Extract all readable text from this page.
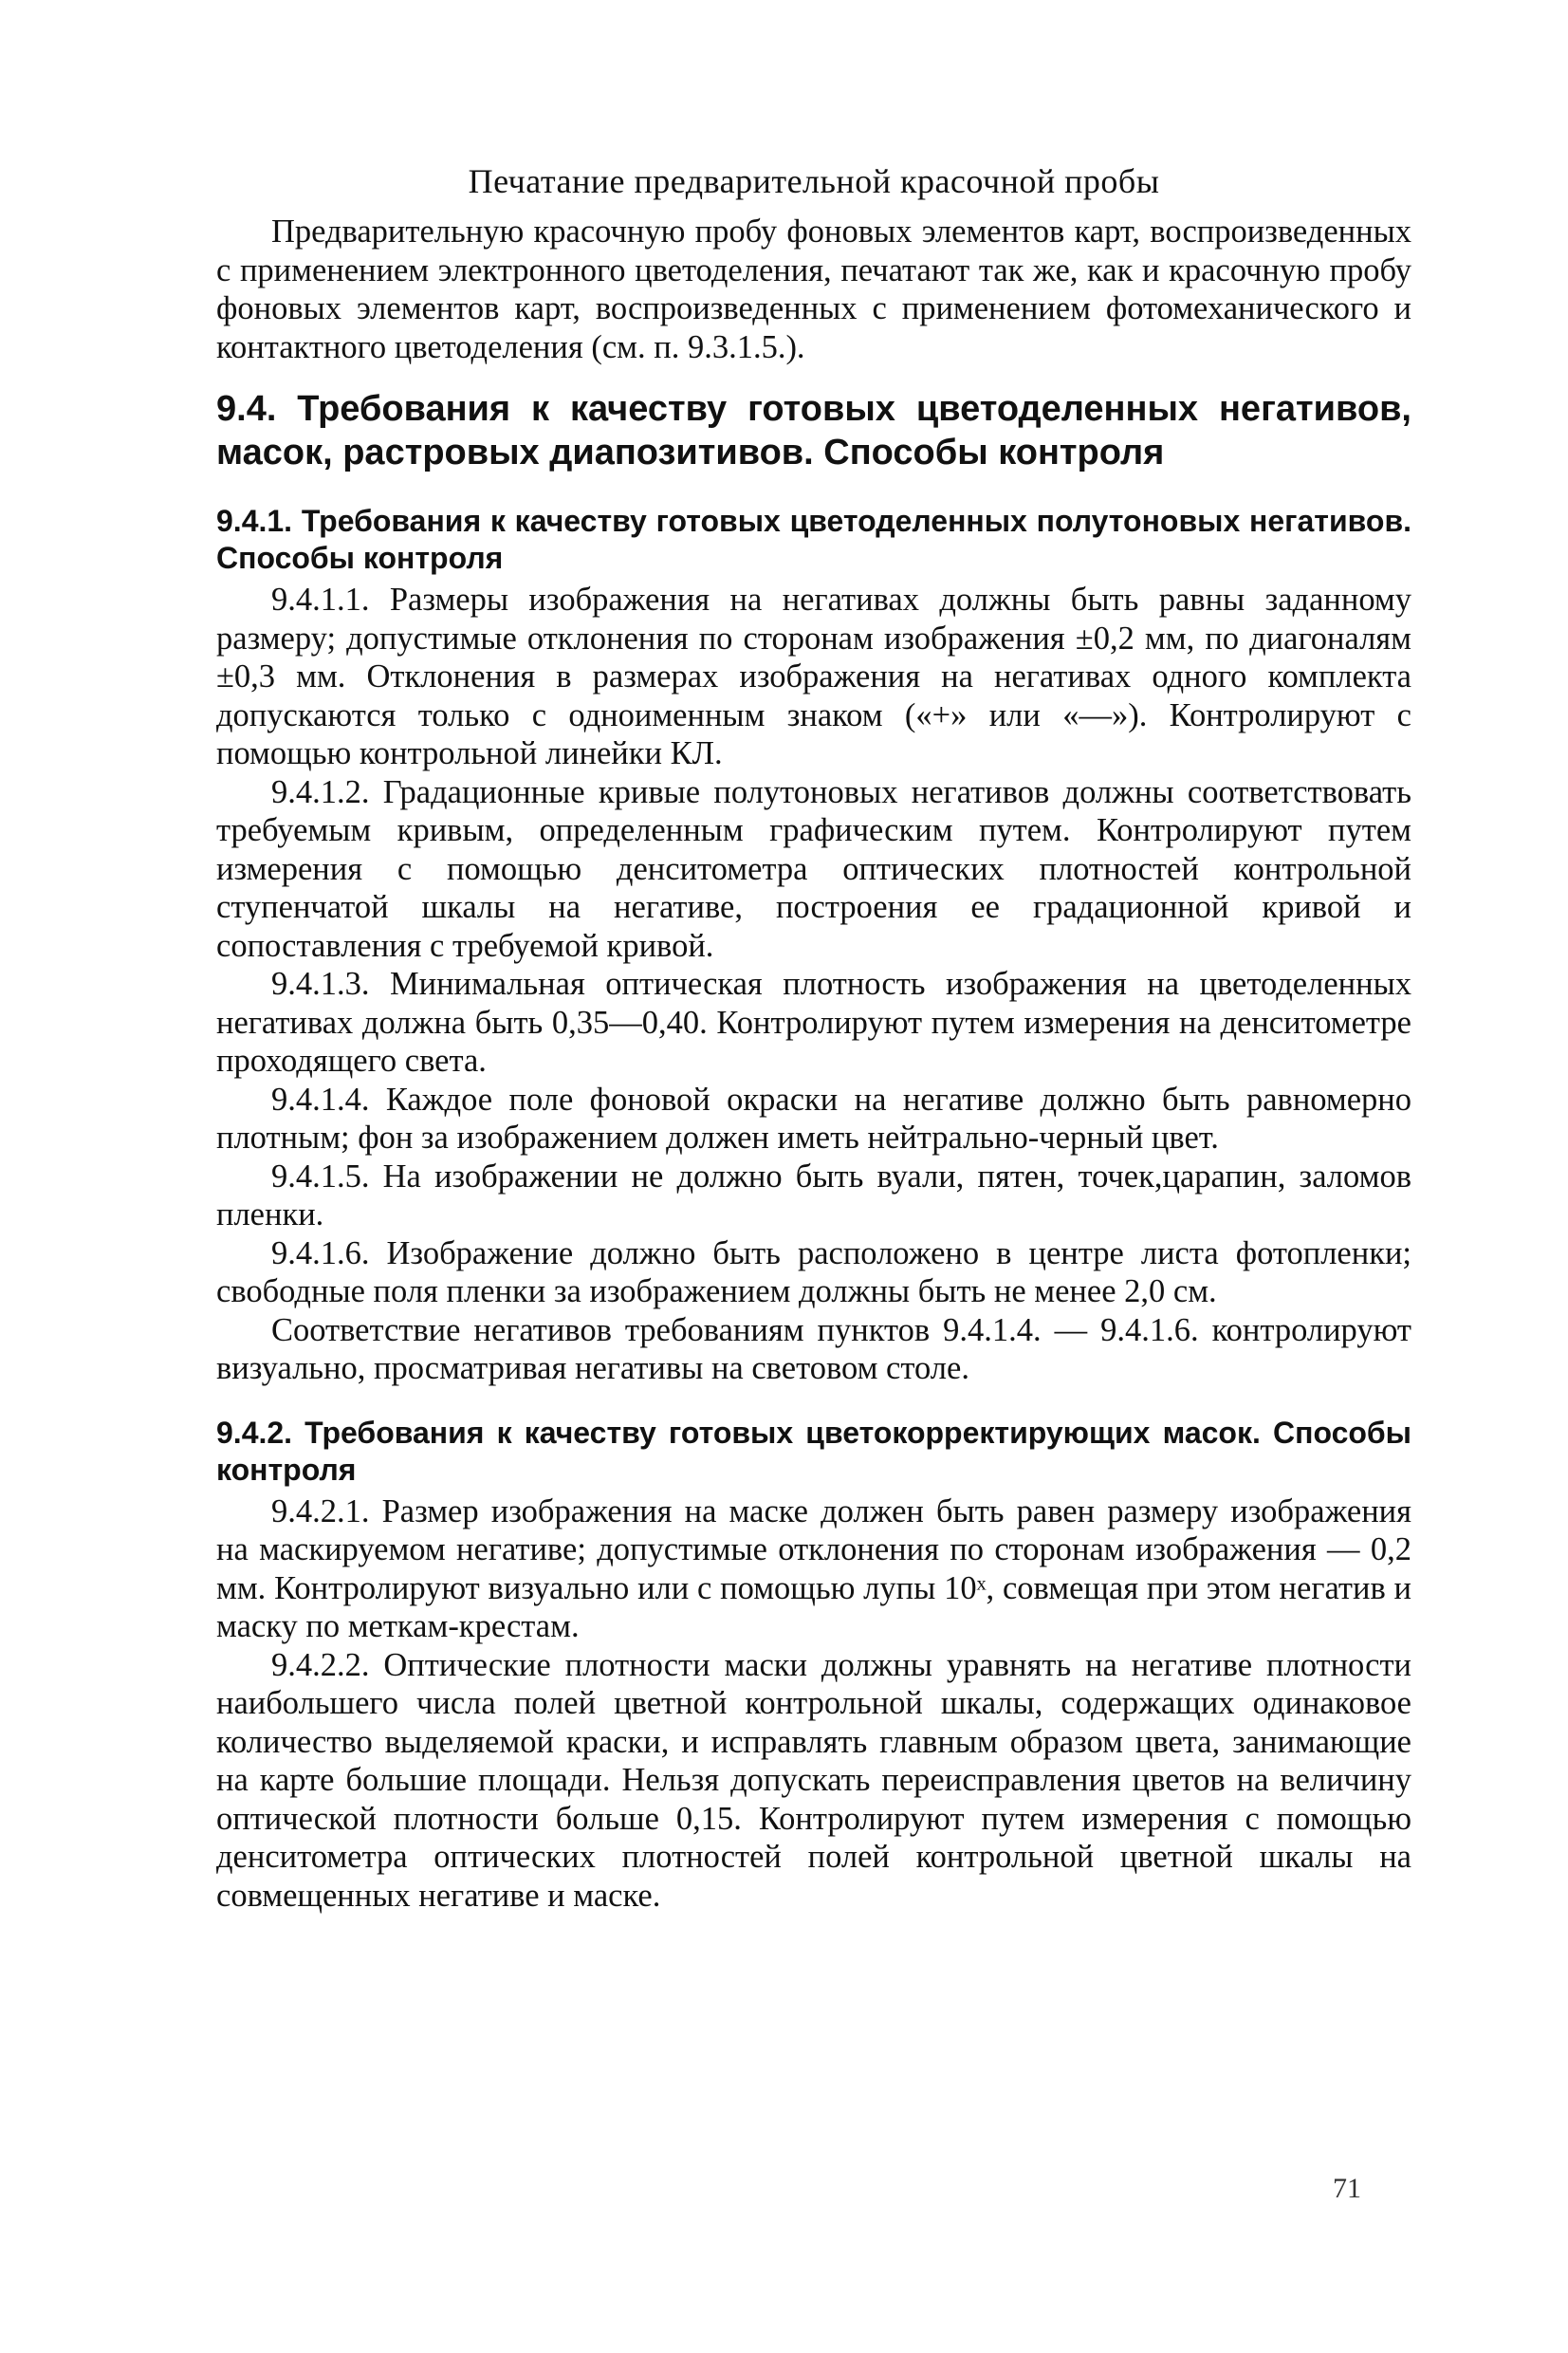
Печатание предварительной красочной пробы

Предварительную красочную пробу фоновых элементов карт, воспроизведенных с применением электронного цветоделения, печатают так же, как и красочную пробу фоновых элементов карт, воспроизведенных с применением фотомеханического и контактного цветоделения (см. п. 9.3.1.5.).

9.4. Требования к качеству готовых цветоделенных негативов, масок, растровых диапозитивов. Способы контроля
9.4.1. Требования к качеству готовых цветоделенных полутоновых негативов. Способы контроля

9.4.1.1. Размеры изображения на негативах должны быть равны заданному размеру; допустимые отклонения по сторонам изображения ±0,2 мм, по диагоналям ±0,3 мм. Отклонения в размерах изображения на негативах одного комплекта допускаются только с одноименным знаком («+» или «—»). Контролируют с помощью контрольной линейки КЛ.

9.4.1.2. Градационные кривые полутоновых негативов должны соответствовать требуемым кривым, определенным графическим путем. Контролируют путем измерения с помощью денситометра оптических плотностей контрольной ступенчатой шкалы на негативе, построения ее градационной кривой и сопоставления с требуемой кривой.

9.4.1.3. Минимальная оптическая плотность изображения на цветоделенных негативах должна быть 0,35—0,40. Контролируют путем измерения на денситометре проходящего света.

9.4.1.4. Каждое поле фоновой окраски на негативе должно быть равномерно плотным; фон за изображением должен иметь нейтрально-черный цвет.

9.4.1.5. На изображении не должно быть вуали, пятен, точек,царапин, заломов пленки.

9.4.1.6. Изображение должно быть расположено в центре листа фотопленки; свободные поля пленки за изображением должны быть не менее 2,0 см.

Соответствие негативов требованиям пунктов 9.4.1.4. — 9.4.1.6. контролируют визуально, просматривая негативы на световом столе.

9.4.2. Требования к качеству готовых цветокорректирующих масок. Способы контроля

9.4.2.1. Размер изображения на маске должен быть равен размеру изображения на маскируемом негативе; допустимые отклонения по сторонам изображения — 0,2 мм. Контролируют визуально или с помощью лупы 10ˣ, совмещая при этом негатив и маску по меткам-крестам.

9.4.2.2. Оптические плотности маски должны уравнять на негативе плотности наибольшего числа полей цветной контрольной шкалы, содержащих одинаковое количество выделяемой краски, и исправлять главным образом цвета, занимающие на карте большие площади. Нельзя допускать переисправления цветов на величину оптической плотности больше 0,15. Контролируют путем измерения с помощью денситометра оптических плотностей полей контрольной цветной шкалы на совмещенных негативе и маске.

71
